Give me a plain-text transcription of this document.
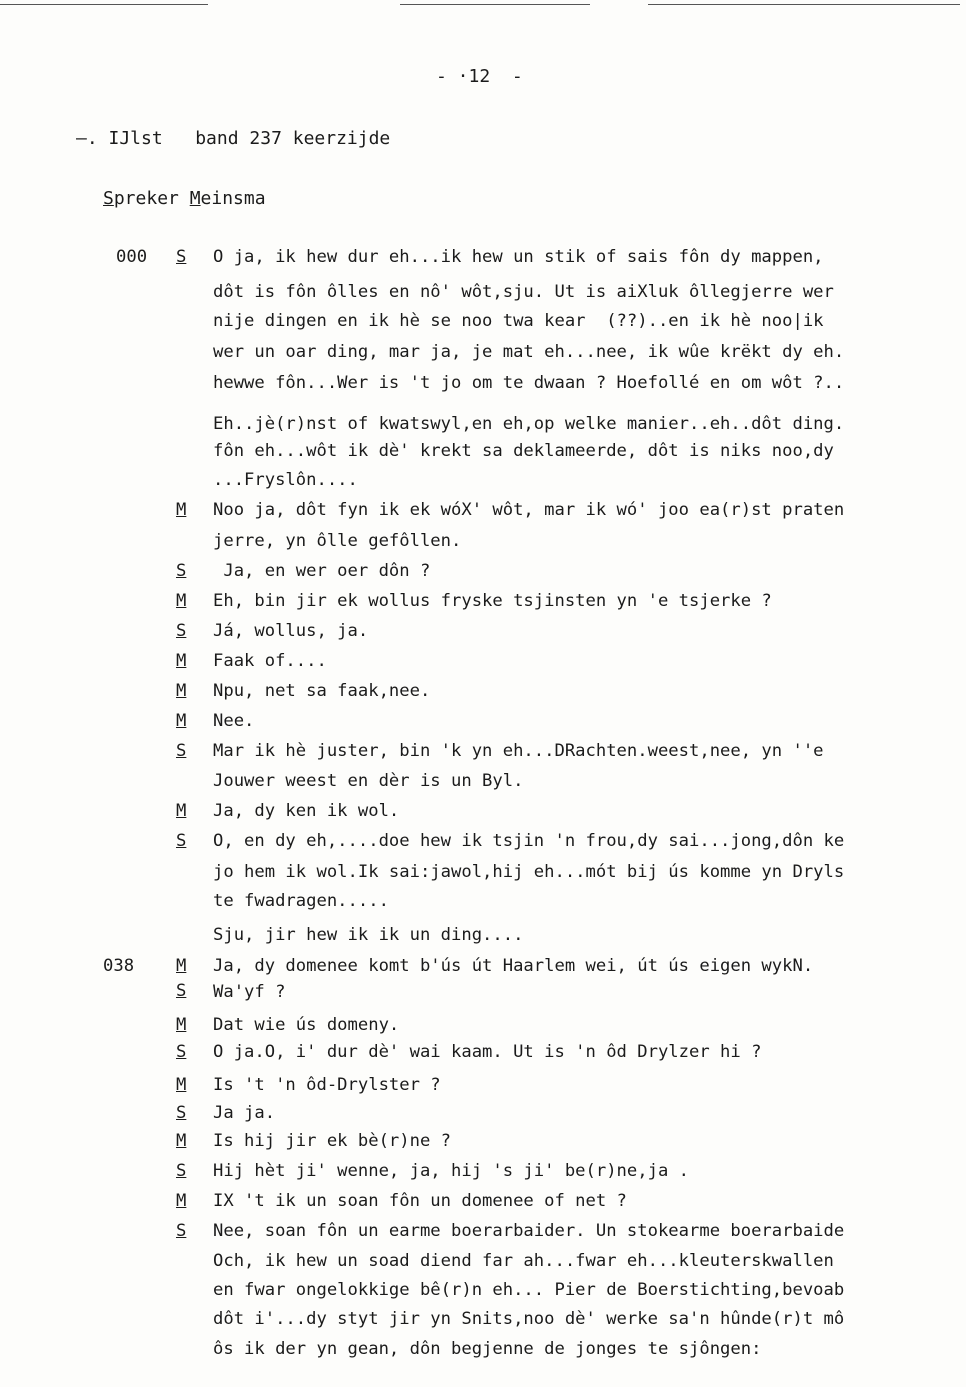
- ·12  -
–. IJlst   band 237 keerzijde
Spreker Meinsma
000
038
S O ja, ik hew dur eh...ik hew un stik of sais fôn dy mappen,
dôt is fôn ôlles en nô' wôt,sju. Ut is aiXluk ôllegjerre wer
nije dingen en ik hè se noo twa kear  (??)..en ik hè noo|ik
wer un oar ding, mar ja, je mat eh...nee, ik wûe krëkt dy eh.
hewwe fôn...Wer is 't jo om te dwaan ? Hoefollé en om wôt ?..
Eh..jè(r)nst of kwatswyl,en eh,op welke manier..eh..dôt ding.
fôn eh...wôt ik dè' krekt sa deklameerde, dôt is niks noo,dy
...Fryslôn....
M Noo ja, dôt fyn ik ek wóX' wôt, mar ik wó' joo ea(r)st praten
jerre, yn ôlle gefôllen.
S Ja, en wer oer dôn ?
M Eh, bin jir ek wollus fryske tsjinsten yn 'e tsjerke ?
S Já, wollus, ja.
M Faak of....
M Npu, net sa faak,nee.
M Nee.
S Mar ik hè juster, bin 'k yn eh...DRachten.weest,nee, yn ''e
Jouwer weest en dèr is un Byl.
M Ja, dy ken ik wol.
S O, en dy eh,....doe hew ik tsjin 'n frou,dy sai...jong,dôn ke
jo hem ik wol.Ik sai:jawol,hij eh...mót bij ús komme yn Dryls
te fwadragen.....
Sju, jir hew ik ik un ding....
M Ja, dy domenee komt b'ús út Haarlem wei, út ús eigen wykN.
S Wa'yf ?
M Dat wie ús domeny.
S O ja.O, i' dur dè' wai kaam. Ut is 'n ôd Drylzer hi ?
M Is 't 'n ôd-Drylster ?
S Ja ja.
M Is hij jir ek bè(r)ne ?
S Hij hèt ji' wenne, ja, hij 's ji' be(r)ne,ja .
M IX 't ik un soan fôn un domenee of net ?
S Nee, soan fôn un earme boerarbaider. Un stokearme boerarbaide
Och, ik hew un soad diend far ah...fwar eh...kleuterskwallen
en fwar ongelokkige bê(r)n eh... Pier de Boerstichting,bevoab
dôt i'...dy styt jir yn Snits,noo dè' werke sa'n hûnde(r)t mô
ôs ik der yn gean, dôn begjenne de jonges te sjôngen:
